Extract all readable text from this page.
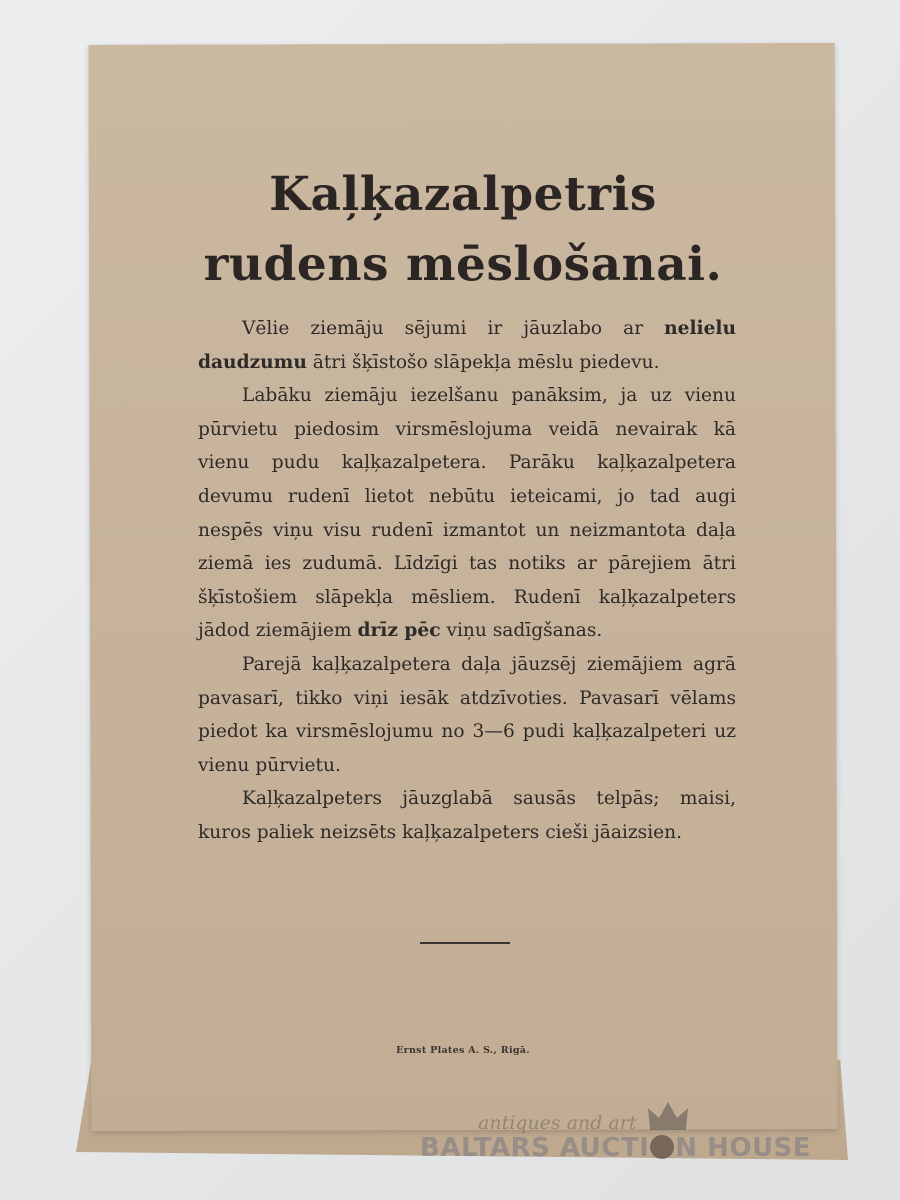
Kaļķazalpetris
rudens mēslošanai.

Vēlie ziemāju sējumi ir jāuzlabo ar nelielu daudzumu ātri šķīstošo slāpekļa mēslu piedevu.

Labāku ziemāju iezelšanu panāksim, ja uz vienu pūrvietu piedosim virsmēslojuma veidā nevairak kā vienu pudu kaļķazalpetera. Parāku kaļķazalpetera devumu rudenī lietot nebūtu ieteicami, jo tad augi nespēs viņu visu rudenī izmantot un neizmantota daļa ziemā ies zudumā. Līdzīgi tas notiks ar pārejiem ātri šķīstošiem slāpekļa mēsliem. Rudenī kaļķazalpeters jādod ziemājiem drīz pēc viņu sadīgšanas.

Parejā kaļķazalpetera daļa jāuzsēj ziemājiem agrā pavasarī, tikko viņi iesāk atdzīvoties. Pavasarī vēlams piedot ka virsmēslojumu no 3—6 pudi kaļķazalpeteri uz vienu pūrvietu.

Kaļķazalpeters jāuzglabā sausās telpās; maisi, kuros paliek neizsēts kaļķazalpeters cieši jāaizsien.

Ernst Plates A. S., Rigā.
antiques and art
BALTARS AUCTI N HOUSE
